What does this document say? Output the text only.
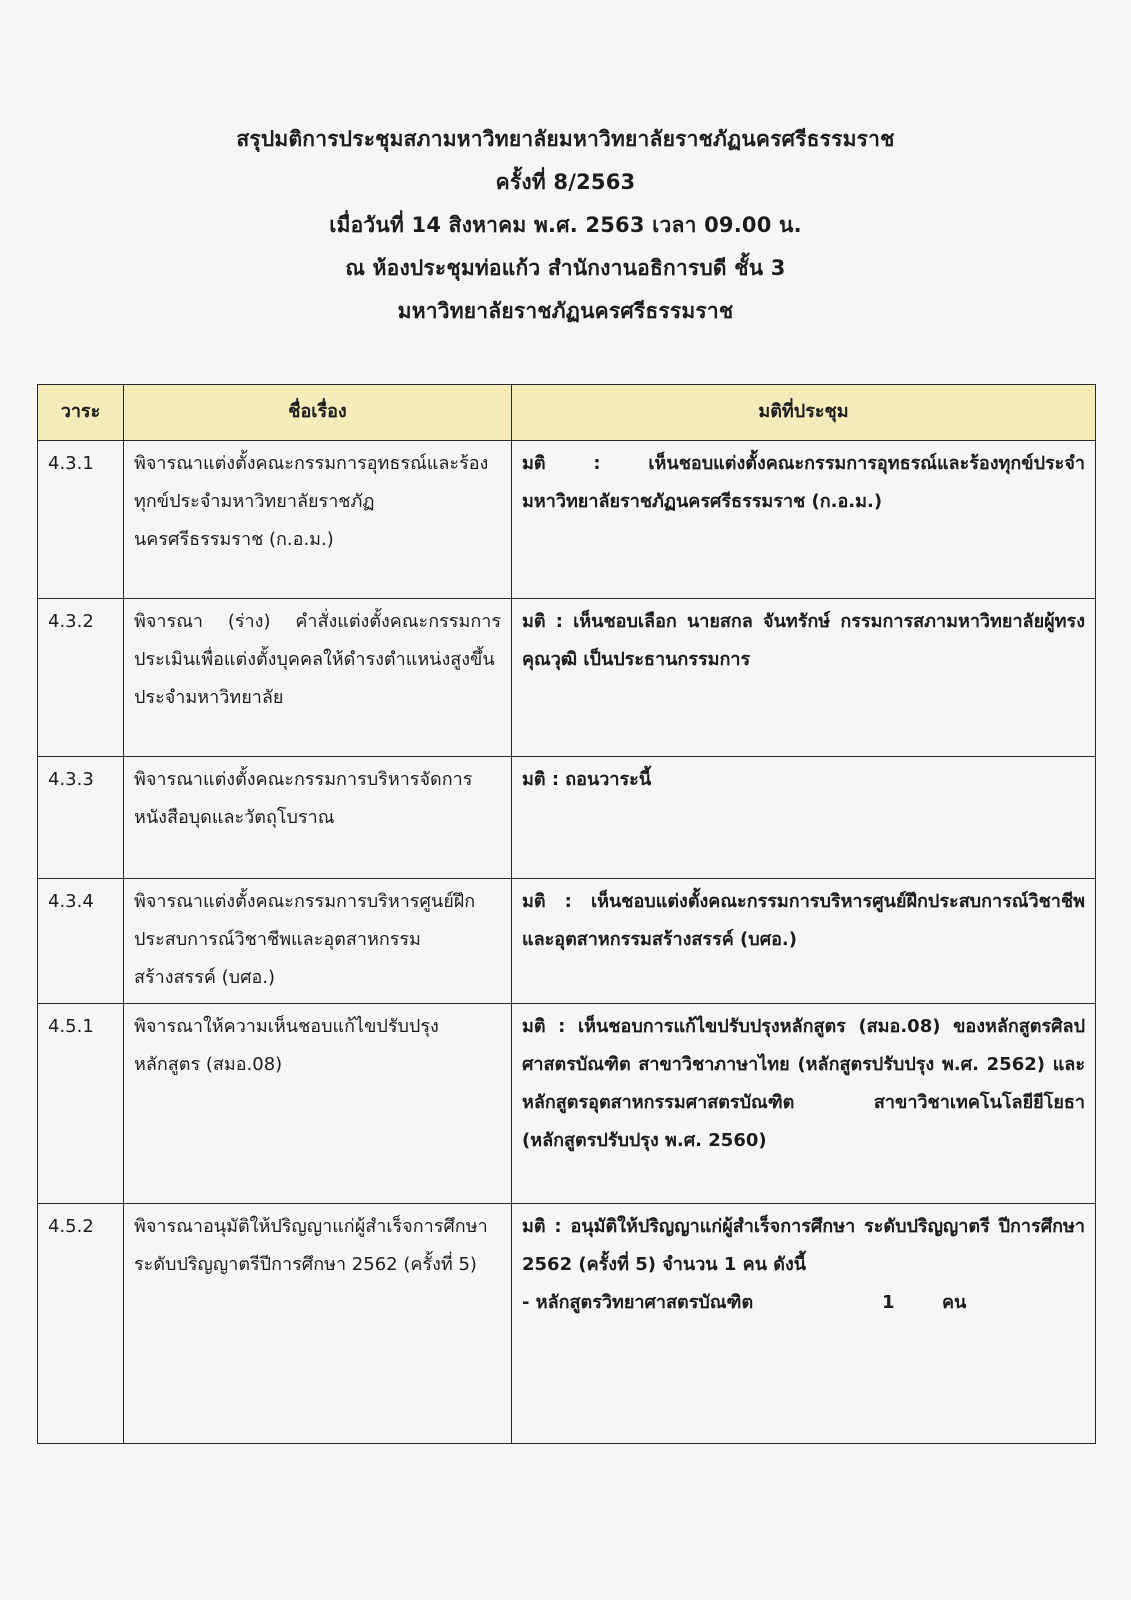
สรุปมติการประชุมสภามหาวิทยาลัยมหาวิทยาลัยราชภัฏนครศรีธรรมราช
ครั้งที่ 8/2563
เมื่อวันที่ 14 สิงหาคม พ.ศ. 2563 เวลา 09.00 น.
ณ ห้องประชุมท่อแก้ว สำนักงานอธิการบดี ชั้น 3
มหาวิทยาลัยราชภัฏนครศรีธรรมราช
วาระ	ชื่อเรื่อง	มติที่ประชุม
4.3.1	พิจารณาแต่งตั้งคณะกรรมการอุทธรณ์และร้องทุกข์ประจำมหาวิทยาลัยราชภัฏนครศรีธรรมราช (ก.อ.ม.)	มติ : เห็นชอบแต่งตั้งคณะกรรมการอุทธรณ์และร้องทุกข์ประจำมหาวิทยาลัยราชภัฏนครศรีธรรมราช (ก.อ.ม.)
4.3.2	พิจารณา (ร่าง) คำสั่งแต่งตั้งคณะกรรมการประเมินเพื่อแต่งตั้งบุคคลให้ดำรงตำแหน่งสูงขึ้นประจำมหาวิทยาลัย	มติ : เห็นชอบเลือก นายสกล จันทรักษ์ กรรมการสภามหาวิทยาลัยผู้ทรงคุณวุฒิ เป็นประธานกรรมการ
4.3.3	พิจารณาแต่งตั้งคณะกรรมการบริหารจัดการหนังสือบุดและวัตถุโบราณ	มติ : ถอนวาระนี้
4.3.4	พิจารณาแต่งตั้งคณะกรรมการบริหารศูนย์ฝึกประสบการณ์วิชาชีพและอุตสาหกรรมสร้างสรรค์ (บศอ.)	มติ : เห็นชอบแต่งตั้งคณะกรรมการบริหารศูนย์ฝึกประสบการณ์วิชาชีพและอุตสาหกรรมสร้างสรรค์ (บศอ.)
4.5.1	พิจารณาให้ความเห็นชอบแก้ไขปรับปรุงหลักสูตร (สมอ.08)	มติ : เห็นชอบการแก้ไขปรับปรุงหลักสูตร (สมอ.08) ของหลักสูตรศิลปศาสตรบัณฑิต สาขาวิชาภาษาไทย (หลักสูตรปรับปรุง พ.ศ. 2562) และหลักสูตรอุตสาหกรรมศาสตรบัณฑิต สาขาวิชาเทคโนโลยียีโยธา (หลักสูตรปรับปรุง พ.ศ. 2560)
4.5.2	พิจารณาอนุมัติให้ปริญญาแก่ผู้สำเร็จการศึกษาระดับปริญญาตรีปีการศึกษา 2562 (ครั้งที่ 5)	มติ : อนุมัติให้ปริญญาแก่ผู้สำเร็จการศึกษา ระดับปริญญาตรี ปีการศึกษา 2562 (ครั้งที่ 5) จำนวน 1 คน ดังนี้
- หลักสูตรวิทยาศาสตรบัณฑิต 1 คน
